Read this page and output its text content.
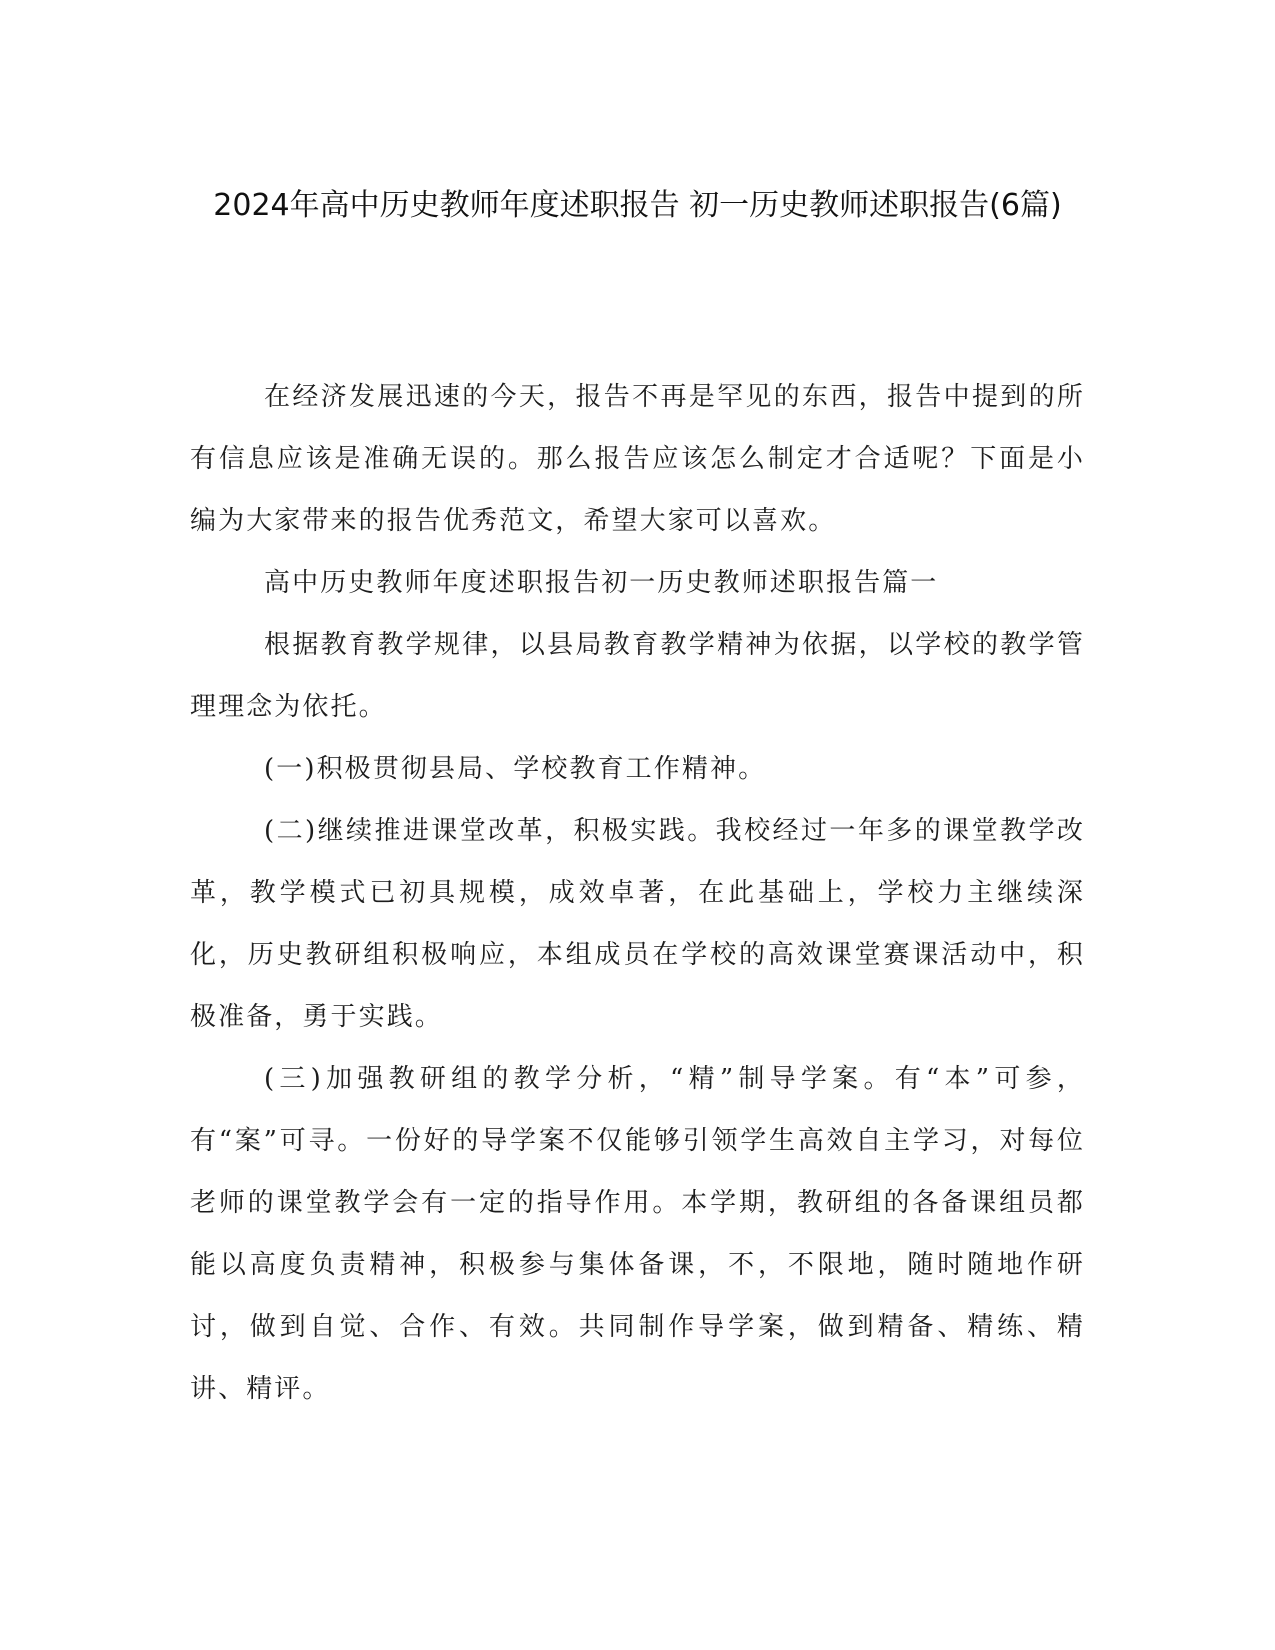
2024年高中历史教师年度述职报告 初一历史教师述职报告(6篇)

在经济发展迅速的今天，报告不再是罕见的东西，报告中提到的所有信息应该是准确无误的。那么报告应该怎么制定才合适呢？下面是小编为大家带来的报告优秀范文，希望大家可以喜欢。

高中历史教师年度述职报告初一历史教师述职报告篇一

根据教育教学规律，以县局教育教学精神为依据，以学校的教学管理理念为依托。

(一)积极贯彻县局、学校教育工作精神。

(二)继续推进课堂改革，积极实践。我校经过一年多的课堂教学改革，教学模式已初具规模，成效卓著，在此基础上，学校力主继续深化，历史教研组积极响应，本组成员在学校的高效课堂赛课活动中，积极准备，勇于实践。

(三)加强教研组的教学分析，“精”制导学案。有“本”可参，有“案”可寻。一份好的导学案不仅能够引领学生高效自主学习，对每位老师的课堂教学会有一定的指导作用。本学期，教研组的各备课组员都能以高度负责精神，积极参与集体备课，不，不限地，随时随地作研讨，做到自觉、合作、有效。共同制作导学案，做到精备、精练、精讲、精评。
